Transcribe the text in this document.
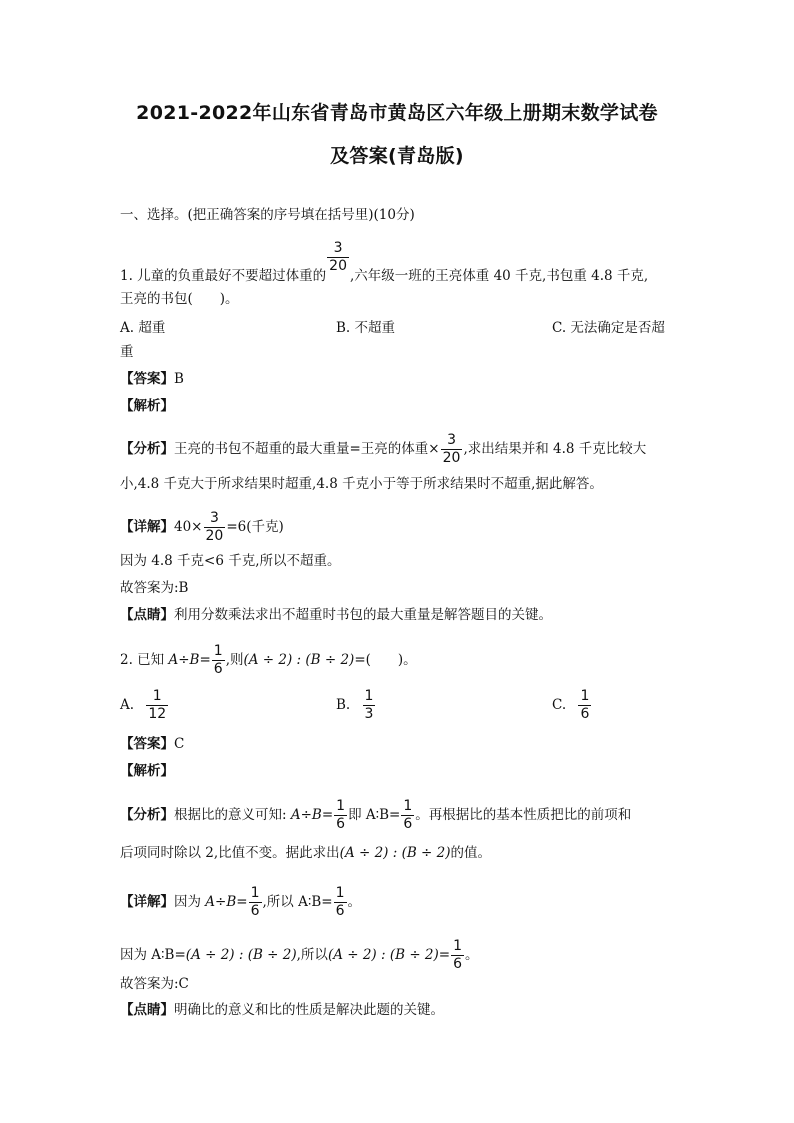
2021-2022年山东省青岛市黄岛区六年级上册期末数学试卷
及答案(青岛版)
一、选择。(把正确答案的序号填在括号里)(10分)
1. 儿童的负重最好不要超过体重的
$\frac{3}{20}$
,六年级一班的王亮体重 40 千克,书包重 4.8 千克,
王亮的书包(　　)。
A. 超重	B. 不超重	C. 无法确定是否超
重
【答案】B
【解析】
【分析】王亮的书包不超重的最大重量=王亮的体重× $\frac{3}{20}$ ,求出结果并和 4.8 千克比较大
小,4.8 千克大于所求结果时超重,4.8 千克小于等于所求结果时不超重,据此解答。
【详解】$40\times \frac{3}{20} =6$(千克)
因为 4.8 千克<6 千克,所以不超重。
故答案为:B
【点睛】利用分数乘法求出不超重时书包的最大重量是解答题目的关键。
2. 已知 $A\div B= \frac{1}{6}$ ,则(A ÷ 2) : (B ÷ 2)=(　　)。
A. $\frac{1}{12}$	B. $\frac{1}{3}$	C. $\frac{1}{6}$
【答案】C
【解析】
【分析】根据比的意义可知: $A\div B= \frac{1}{6}$ 即 A∶B= $\frac{1}{6}$ 。再根据比的基本性质把比的前项和
后项同时除以 2,比值不变。据此求出(A ÷ 2) : (B ÷ 2)的值。
【详解】因为 $A\div B= \frac{1}{6}$ ,所以 A∶B= $\frac{1}{6}$ 。
因为 A∶B=(A ÷ 2) : (B ÷ 2),所以(A ÷ 2) : $(B \div 2)= \frac{1}{6}$ 。
故答案为:C
【点睛】明确比的意义和比的性质是解决此题的关键。
